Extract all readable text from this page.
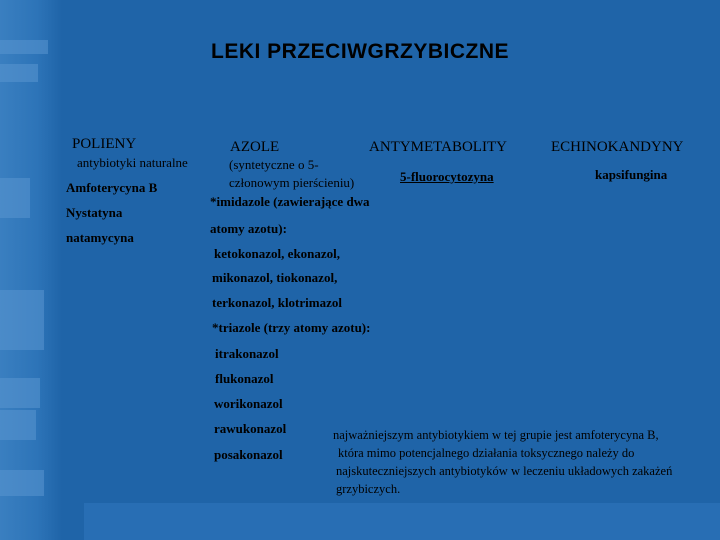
LEKI PRZECIWGRZYBICZNE
POLIENY
antybiotyki naturalne
Amfoterycyna B
Nystatyna
natamycyna
AZOLE
(syntetyczne o 5-
członowym pierścieniu)
*imidazole (zawierające dwa
atomy azotu):
ketokonazol, ekonazol,
mikonazol, tiokonazol,
terkonazol, klotrimazol
*triazole (trzy atomy azotu):
itrakonazol
flukonazol
worikonazol
rawukonazol
posakonazol
ANTYMETABOLITY
5-fluorocytozyna
ECHINOKANDYNY
kapsifungina
najważniejszym antybiotykiem w tej grupie jest amfoterycyna B,
która mimo potencjalnego działania toksycznego należy do
najskuteczniejszych antybiotyków w leczeniu układowych zakażeń
grzybiczych.
